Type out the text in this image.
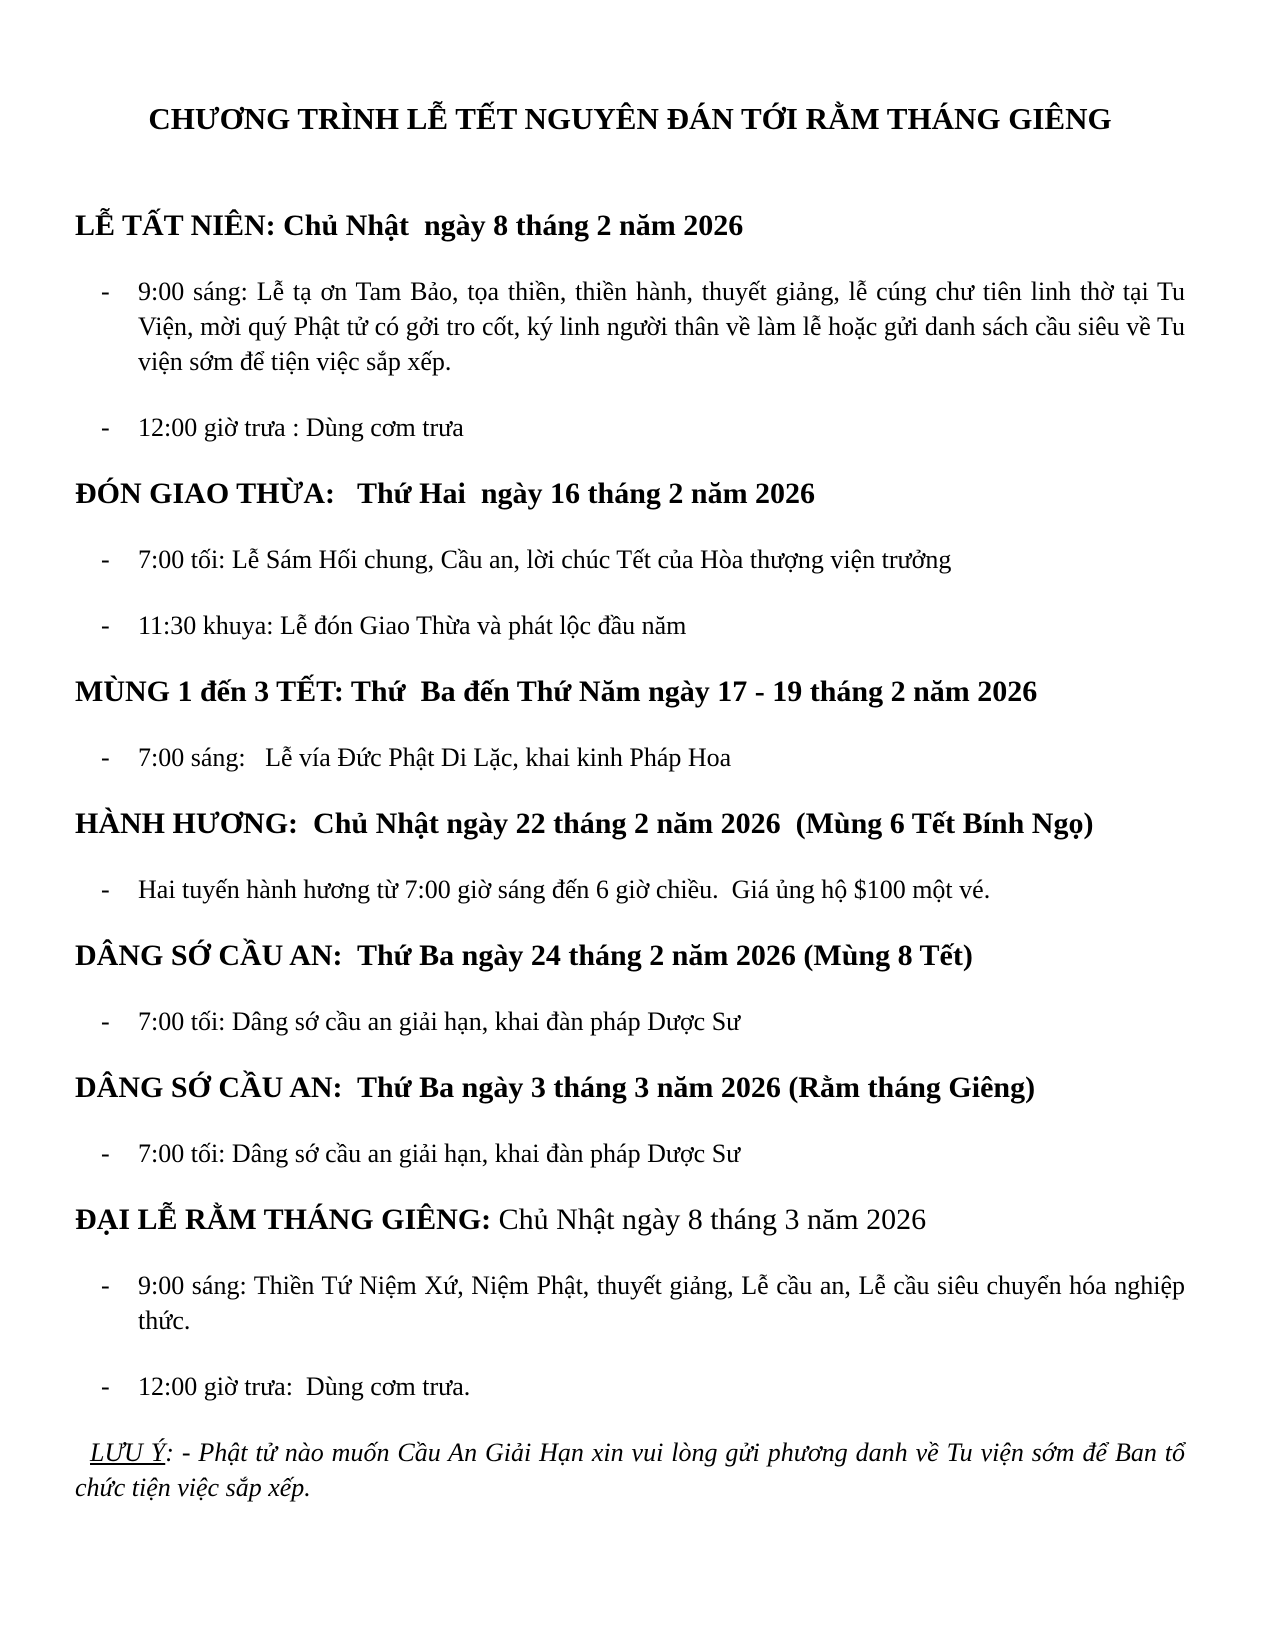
CHƯƠNG TRÌNH LỄ TẾT NGUYÊN ĐÁN TỚI RẰM THÁNG GIÊNG
LỄ TẤT NIÊN: Chủ Nhật  ngày 8 tháng 2 năm 2026
-	9:00 sáng: Lễ tạ ơn Tam Bảo, tọa thiền, thiền hành, thuyết giảng, lễ cúng chư tiên linh thờ tại Tu Viện, mời quý Phật tử có gởi tro cốt, ký linh người thân về làm lễ hoặc gửi danh sách cầu siêu về Tu viện sớm để tiện việc sắp xếp.
-	12:00 giờ trưa : Dùng cơm trưa
ĐÓN GIAO THỪA:   Thứ Hai  ngày 16 tháng 2 năm 2026
-	7:00 tối: Lễ Sám Hối chung, Cầu an, lời chúc Tết của Hòa thượng viện trưởng
-	11:30 khuya: Lễ đón Giao Thừa và phát lộc đầu năm
MÙNG 1 đến 3 TẾT: Thứ  Ba đến Thứ Năm ngày 17 - 19 tháng 2 năm 2026
-	7:00 sáng:   Lễ vía Đức Phật Di Lặc, khai kinh Pháp Hoa
HÀNH HƯƠNG:  Chủ Nhật ngày 22 tháng 2 năm 2026  (Mùng 6 Tết Bính Ngọ)
-	Hai tuyến hành hương từ 7:00 giờ sáng đến 6 giờ chiều.  Giá ủng hộ $100 một vé.
DÂNG SỚ CẦU AN:  Thứ Ba ngày 24 tháng 2 năm 2026 (Mùng 8 Tết)
-	7:00 tối: Dâng sớ cầu an giải hạn, khai đàn pháp Dược Sư
DÂNG SỚ CẦU AN:  Thứ Ba ngày 3 tháng 3 năm 2026 (Rằm tháng Giêng)
-	7:00 tối: Dâng sớ cầu an giải hạn, khai đàn pháp Dược Sư
ĐẠI LỄ RẰM THÁNG GIÊNG: Chủ Nhật ngày 8 tháng 3 năm 2026
-	9:00 sáng: Thiền Tứ Niệm Xứ, Niệm Phật, thuyết giảng, Lễ cầu an, Lễ cầu siêu chuyển hóa nghiệp thức.
-	12:00 giờ trưa:  Dùng cơm trưa.

LƯU Ý: - Phật tử nào muốn Cầu An Giải Hạn xin vui lòng gửi phương danh về Tu viện sớm để Ban tổ chức tiện việc sắp xếp.
